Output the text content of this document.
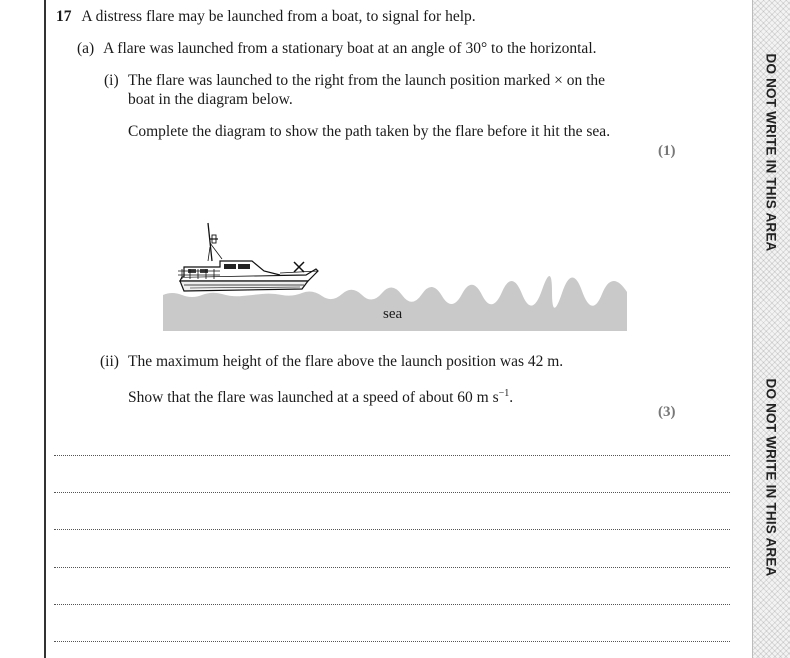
DO NOT WRITE IN THIS AREA
DO NOT WRITE IN THIS AREA
17 A distress flare may be launched from a boat, to signal for help.
(a) A flare was launched from a stationary boat at an angle of 30° to the horizontal.
(i) The flare was launched to the right from the launch position marked × on the
boat in the diagram below.
Complete the diagram to show the path taken by the flare before it hit the sea.
(1)
sea
(ii) The maximum height of the flare above the launch position was 42 m.
Show that the flare was launched at a speed of about 60 m $s^{-1}$.
(3)
